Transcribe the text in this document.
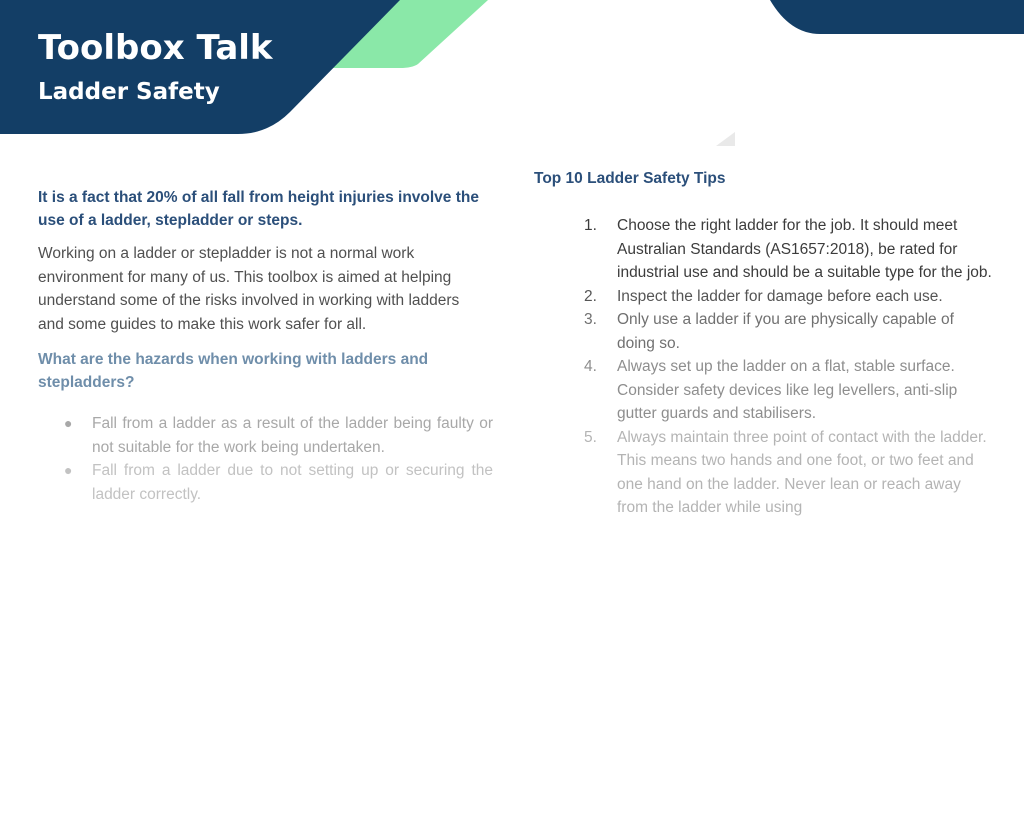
Toolbox Talk
Ladder Safety

It is a fact that 20% of all fall from height injuries involve the use of a ladder, stepladder or steps.

Working on a ladder or stepladder is not a normal work environment for many of us. This toolbox is aimed at helping understand some of the risks involved in working with ladders and some guides to make this work safer for all.

What are the hazards when working with ladders and stepladders?

● Fall from a ladder as a result of the ladder being faulty or not suitable for the work being undertaken.
● Fall from a ladder due to not setting up or securing the ladder correctly.

Top 10 Ladder Safety Tips

1. Choose the right ladder for the job. It should meet Australian Standards (AS1657:2018), be rated for industrial use and should be a suitable type for the job.
2. Inspect the ladder for damage before each use.
3. Only use a ladder if you are physically capable of doing so.
4. Always set up the ladder on a flat, stable surface. Consider safety devices like leg levellers, anti-slip gutter guards and stabilisers.
5. Always maintain three point of contact with the ladder. This means two hands and one foot, or two feet and one hand on the ladder. Never lean or reach away from the ladder while using
